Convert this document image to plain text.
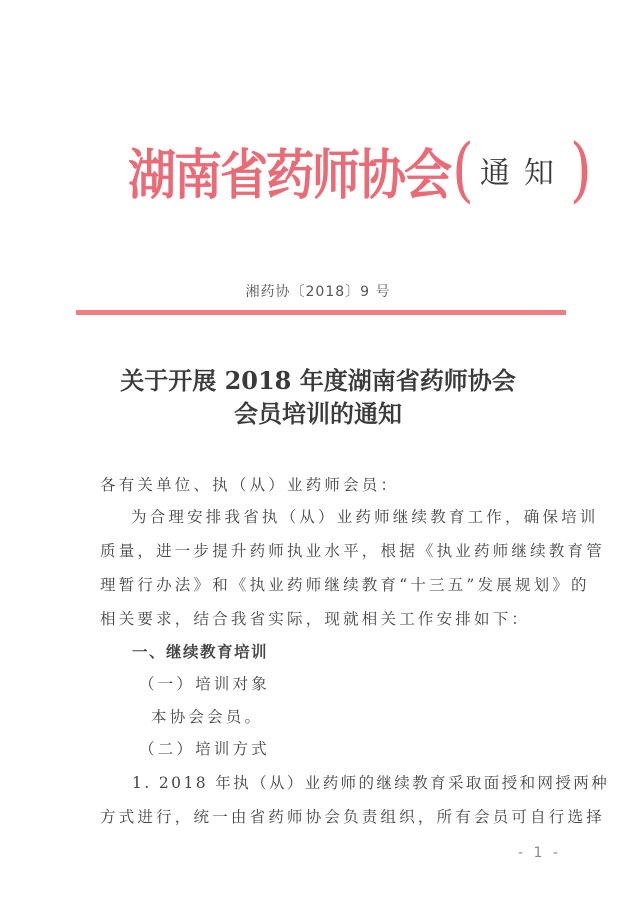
湖南省药师协会 ( 通知 )
湘药协〔2018〕9 号
关于开展 2018 年度湖南省药师协会
会员培训的通知
各有关单位、执（从）业药师会员：
为合理安排我省执（从）业药师继续教育工作，确保培训
质量，进一步提升药师执业水平，根据《执业药师继续教育管
理暂行办法》和《执业药师继续教育“十三五”发展规划》的
相关要求，结合我省实际，现就相关工作安排如下：
一、继续教育培训
（一）培训对象
本协会会员。
（二）培训方式
1. 2018 年执（从）业药师的继续教育采取面授和网授两种
方式进行，统一由省药师协会负责组织，所有会员可自行选择
- 1 -
